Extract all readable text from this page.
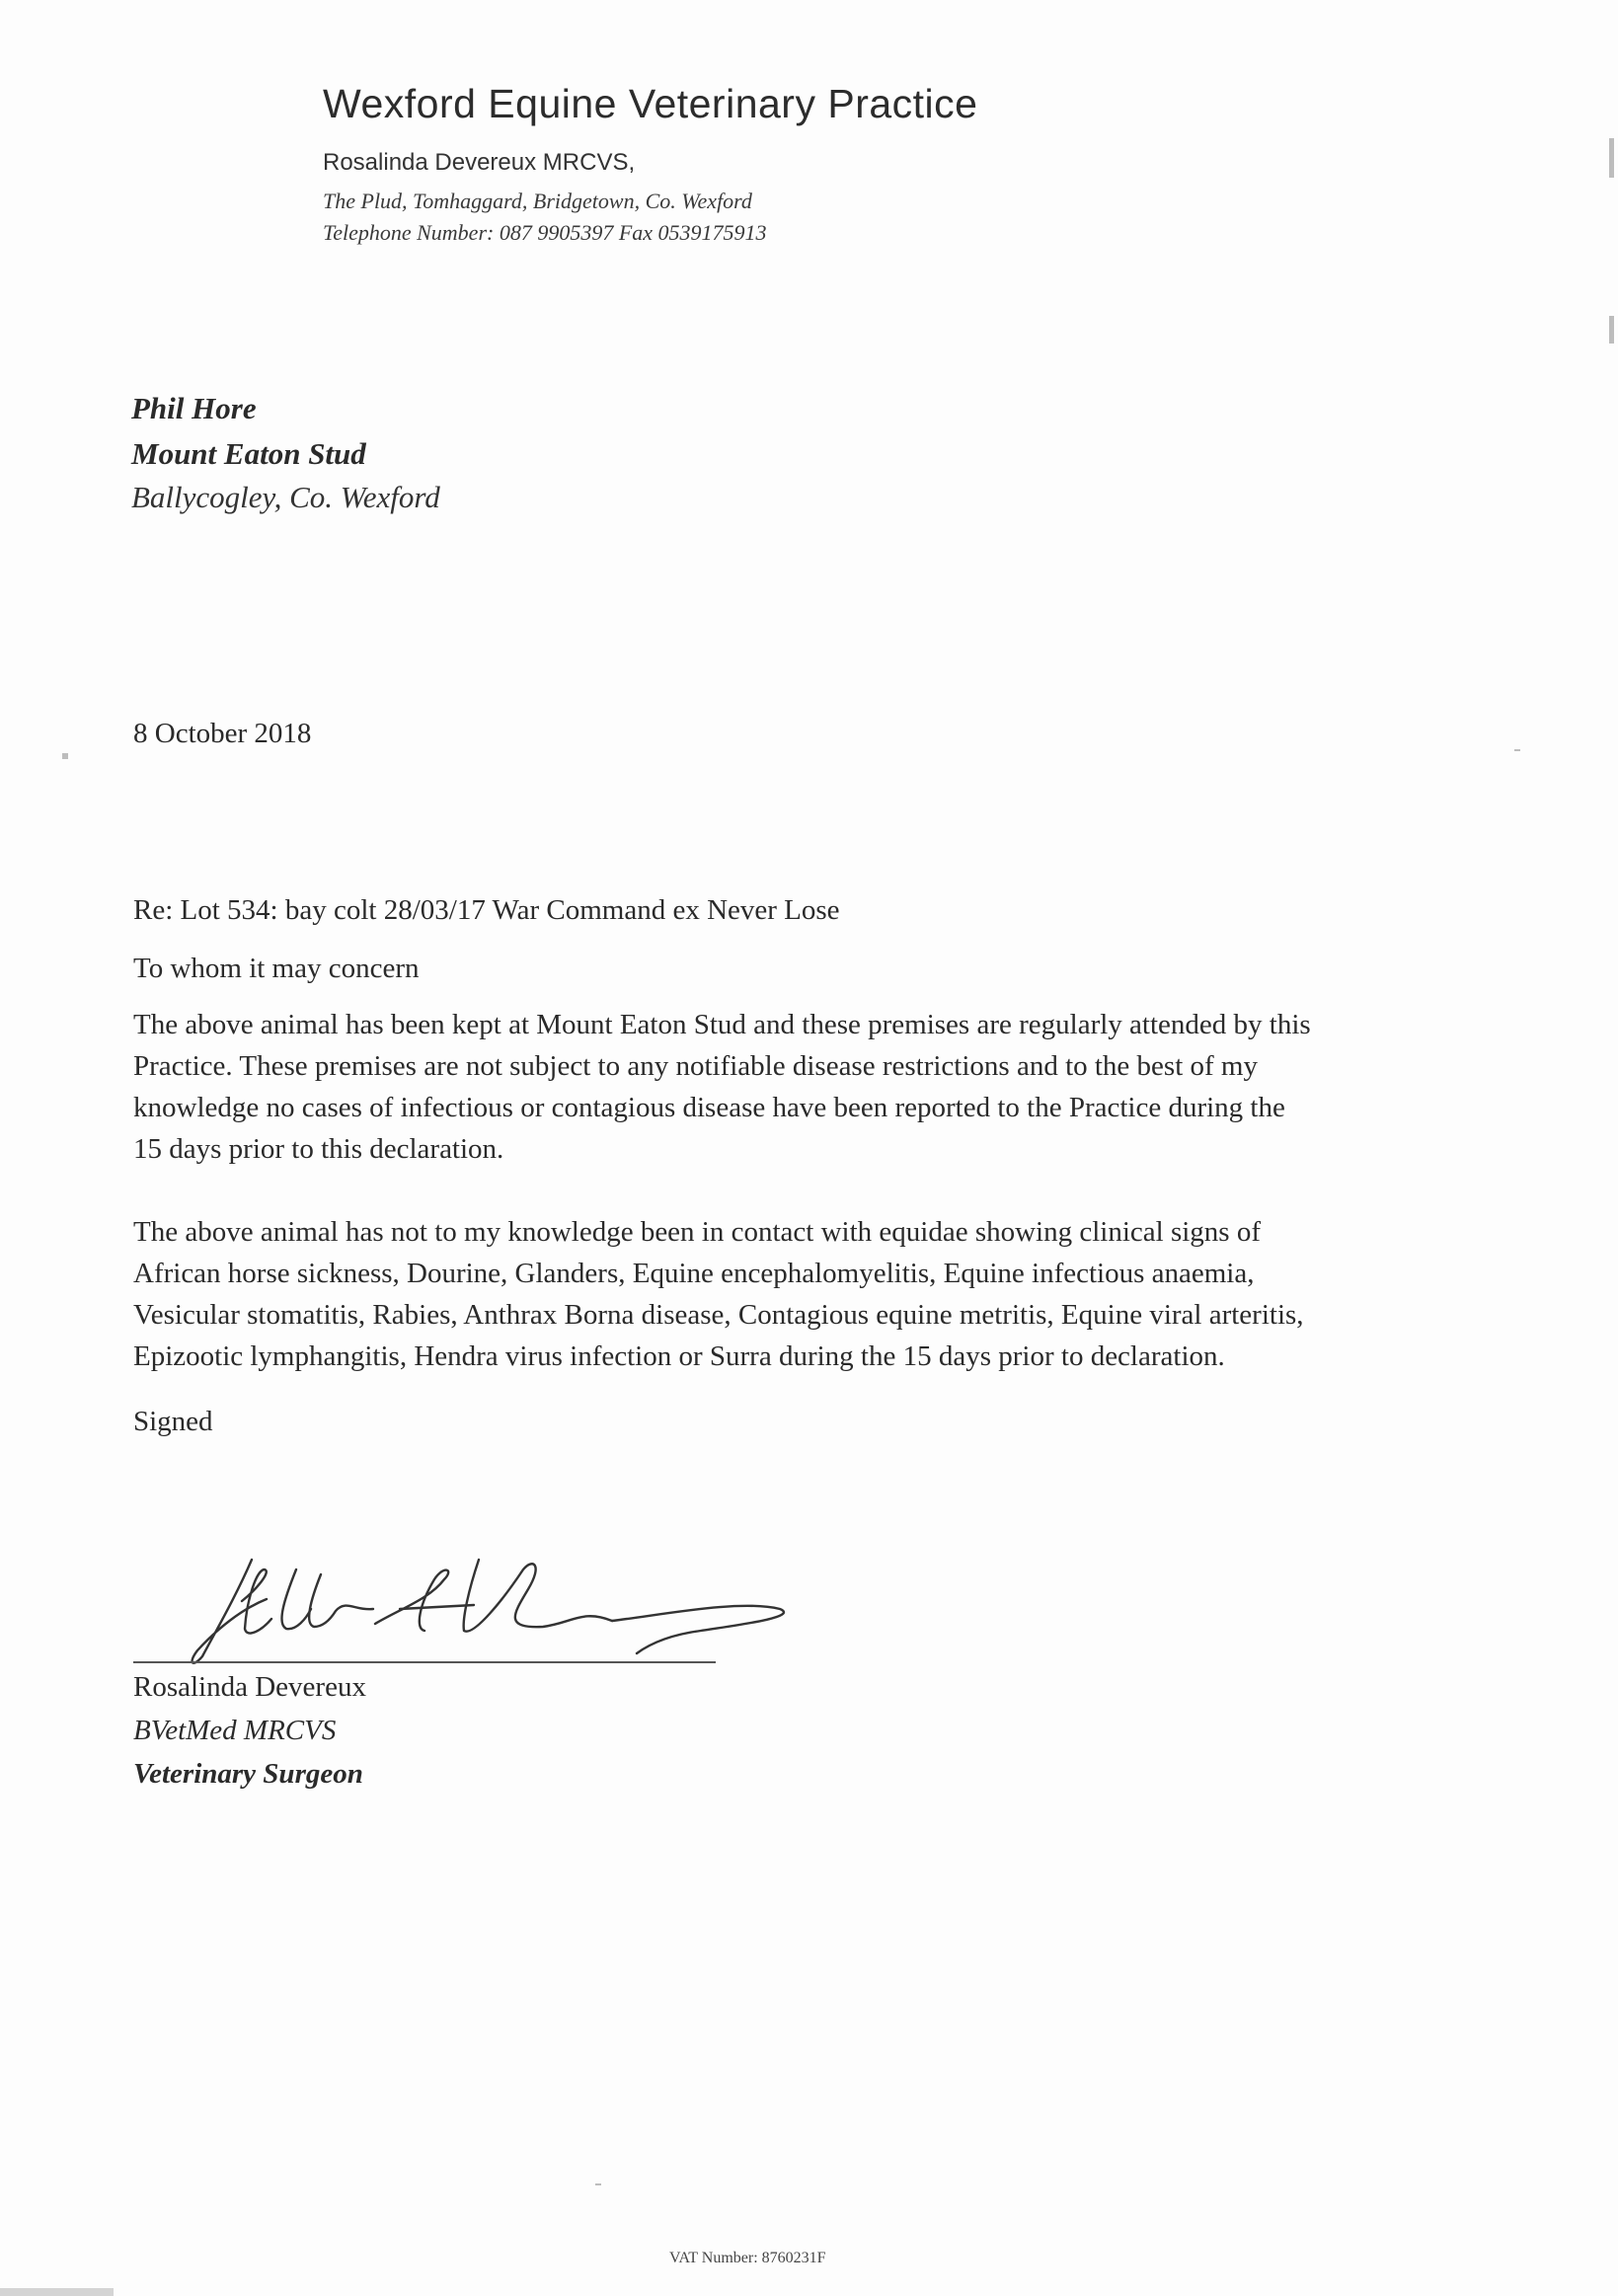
Wexford Equine Veterinary Practice
Rosalinda Devereux MRCVS,
The Plud, Tomhaggard, Bridgetown, Co. Wexford
Telephone Number: 087 9905397 Fax 0539175913
Phil Hore
Mount Eaton Stud
Ballycogley, Co. Wexford
8 October 2018
Re: Lot 534: bay colt 28/03/17 War Command ex Never Lose
To whom it may concern
The above animal has been kept at Mount Eaton Stud and these premises are regularly attended by this
Practice. These premises are not subject to any notifiable disease restrictions and to the best of my
knowledge no cases of infectious or contagious disease have been reported to the Practice during the
15 days prior to this declaration.
The above animal has not to my knowledge been in contact with equidae showing clinical signs of
African horse sickness, Dourine, Glanders, Equine encephalomyelitis, Equine infectious anaemia,
Vesicular stomatitis, Rabies, Anthrax Borna disease, Contagious equine metritis, Equine viral arteritis,
Epizootic lymphangitis, Hendra virus infection or Surra during the 15 days prior to declaration.
Signed
Rosalinda Devereux
BVetMed MRCVS
Veterinary Surgeon
VAT Number: 8760231F
